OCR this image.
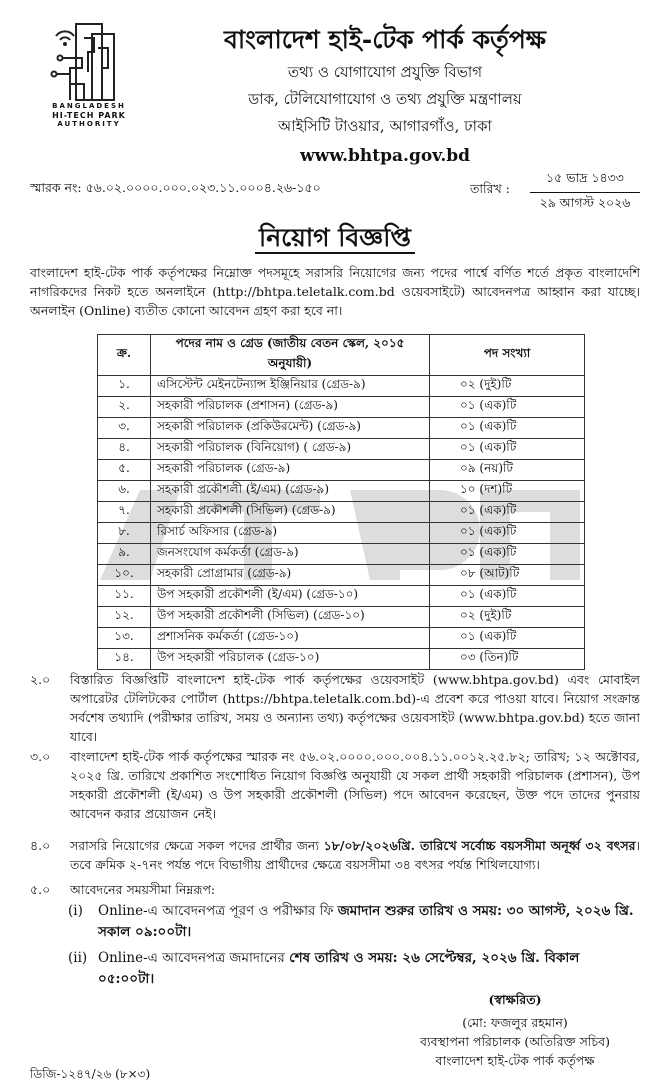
BANGLADESH
HI-TECH PARK
AUTHORITY
বাংলাদেশ হাই-টেক পার্ক কর্তৃপক্ষ
তথ্য ও যোগাযোগ প্রযুক্তি বিভাগ
ডাক, টেলিযোগাযোগ ও তথ্য প্রযুক্তি মন্ত্রণালয়
আইসিটি টাওয়ার, আগারগাঁও, ঢাকা
www.bhtpa.gov.bd
স্মারক নং: ৫৬.০২.০০০০.০০০.০২৩.১১.০০০৪.২৬-১৫০	তারিখ :
১৫ ভাদ্র ১৪৩৩
২৯ আগস্ট ২০২৬
নিয়োগ বিজ্ঞপ্তি
বাংলাদেশ হাই-টেক পার্ক কর্তৃপক্ষের নিম্নোক্ত পদসমূহে সরাসরি নিয়োগের জন্য পদের পার্শ্বে বর্ণিত শর্তে প্রকৃত বাংলাদেশি নাগরিকদের নিকট হতে অনলাইনে (http://bhtpa.teletalk.com.bd ওয়েবসাইটে) আবেদনপত্র আহ্বান করা যাচ্ছে। অনলাইন (Online) ব্যতীত কোনো আবেদন গ্রহণ করা হবে না।
ক্র.	পদের নাম ও গ্রেড (জাতীয় বেতন স্কেল, ২০১৫ অনুযায়ী)	পদ সংখ্যা
১.	এসিস্টেন্ট মেইনটেন্যান্স ইঞ্জিনিয়ার (গ্রেড-৯)	০২ (দুই)টি
২.	সহকারী পরিচালক (প্রশাসন) (গ্রেড-৯)	০১ (এক)টি
৩.	সহকারী পরিচালক (প্রকিউরমেন্ট) (গ্রেড-৯)	০১ (এক)টি
৪.	সহকারী পরিচালক (বিনিয়োগ) ( গ্রেড-৯)	০১ (এক)টি
৫.	সহকারী পরিচালক (গ্রেড-৯)	০৯ (নয়)টি
৬.	সহকারী প্রকৌশলী (ই/এম) (গ্রেড-৯)	১০ (দশ)টি
৭.	সহকারী প্রকৌশলী (সিভিল) (গ্রেড-৯)	০১ (এক)টি
৮.	রিসার্চ অফিসার (গ্রেড-৯)	০১ (এক)টি
৯.	জনসংযোগ কর্মকর্তা (গ্রেড-৯)	০১ (এক)টি
১০.	সহকারী প্রোগ্রামার (গ্রেড-৯)	০৮ (আট)টি
১১.	উপ সহকারী প্রকৌশলী (ই/এম) (গ্রেড-১০)	০১ (এক)টি
১২.	উপ সহকারী প্রকৌশলী (সিভিল) (গ্রেড-১০)	০২ (দুই)টি
১৩.	প্রশাসনিক কর্মকর্তা (গ্রেড-১০)	০১ (এক)টি
১৪.	উপ সহকারী পরিচালক (গ্রেড-১০)	০৩ (তিন)টি
২.০	বিস্তারিত বিজ্ঞপ্তিটি বাংলাদেশ হাই-টেক পার্ক কর্তৃপক্ষের ওয়েবসাইট (www.bhtpa.gov.bd) এবং মোবাইল অপারেটর টেলিটকের পোর্টাল (https://bhtpa.teletalk.com.bd)-এ প্রবেশ করে পাওয়া যাবে। নিয়োগ সংক্রান্ত সর্বশেষ তথ্যাদি (পরীক্ষার তারিখ, সময় ও অন্যান্য তথ্য) কর্তৃপক্ষের ওয়েবসাইট (www.bhtpa.gov.bd) হতে জানা যাবে।
৩.০	বাংলাদেশ হাই-টেক পার্ক কর্তৃপক্ষের স্মারক নং ৫৬.০২.০০০০.০০০.০০৪.১১.০০১২.২৫.৮২; তারিখ; ১২ অক্টোবর, ২০২৫ খ্রি. তারিখে প্রকাশিত সংশোধিত নিয়োগ বিজ্ঞপ্তি অনুযায়ী যে সকল প্রার্থী সহকারী পরিচালক (প্রশাসন), উপ সহকারী প্রকৌশলী (ই/এম) ও উপ সহকারী প্রকৌশলী (সিভিল) পদে আবেদন করেছেন, উক্ত পদে তাদের পুনরায় আবেদন করার প্রয়োজন নেই।
৪.০	সরাসরি নিয়োগের ক্ষেত্রে সকল পদের প্রার্থীর জন্য ১৮/০৮/২০২৬খ্রি. তারিখে সর্বোচ্চ বয়সসীমা অনূর্ধ্ব ৩২ বৎসর। তবে ক্রমিক ২-৭নং পর্যন্ত পদে বিভাগীয় প্রার্থীদের ক্ষেত্রে বয়সসীমা ৩৪ বৎসর পর্যন্ত শিথিলযোগ্য।
৫.০	আবেদনের সময়সীমা নিম্নরূপ:
(i) Online-এ আবেদনপত্র পূরণ ও পরীক্ষার ফি জমাদান শুরুর তারিখ ও সময়: ৩০ আগস্ট, ২০২৬ খ্রি. সকাল ০৯:০০টা।
(ii) Online-এ আবেদনপত্র জমাদানের শেষ তারিখ ও সময়: ২৬ সেপ্টেম্বর, ২০২৬ খ্রি. বিকাল ০৫:০০টা।
(স্বাক্ষরিত)
(মো: ফজলুর রহমান)
ব্যবস্থাপনা পরিচালক (অতিরিক্ত সচিব)
বাংলাদেশ হাই-টেক পার্ক কর্তৃপক্ষ
ডিজি-১২৪৭/২৬ (৮×৩)
